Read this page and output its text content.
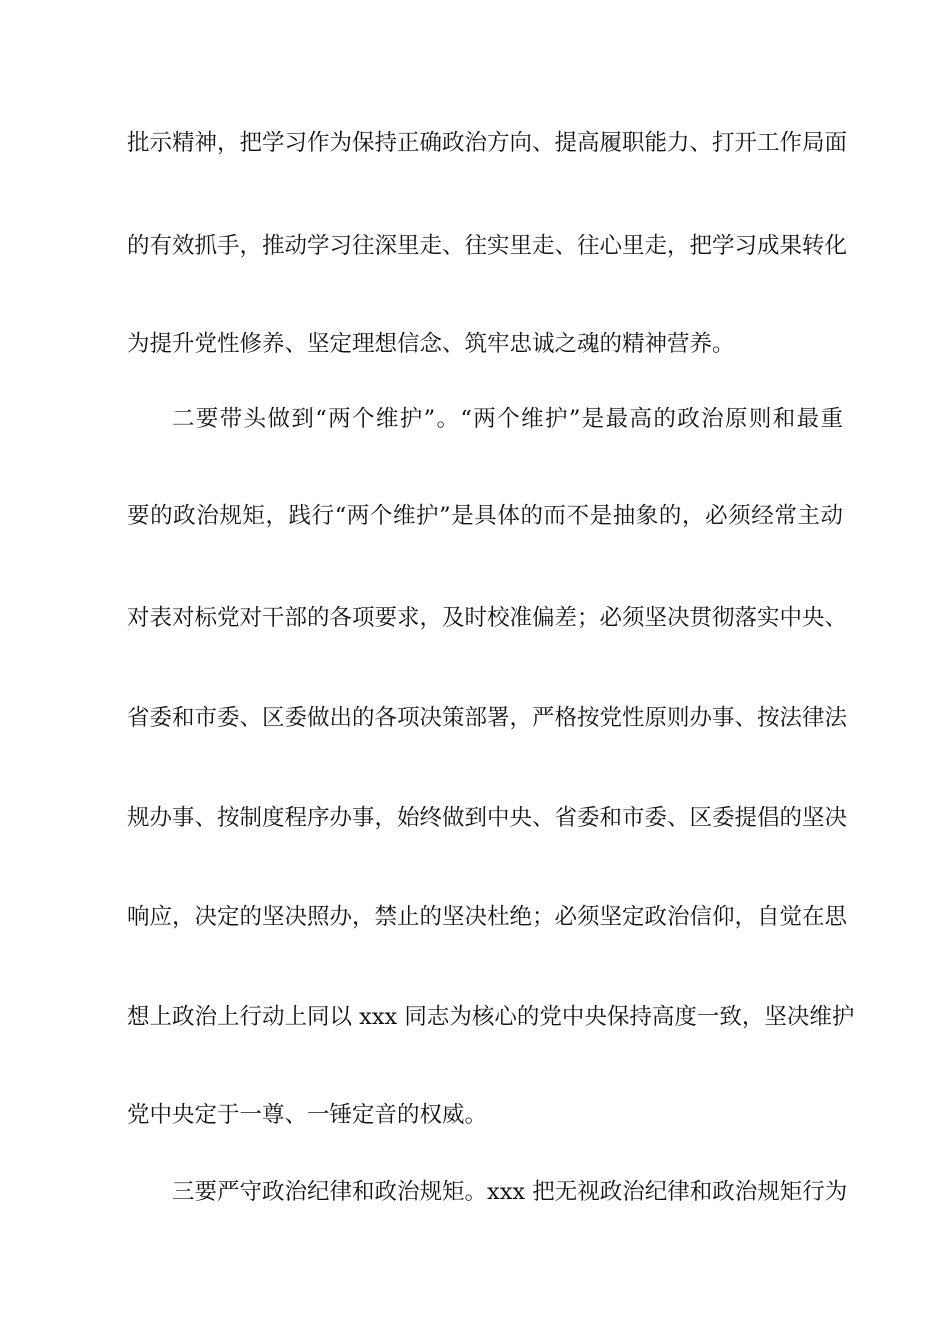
批示精神，把学习作为保持正确政治方向、提高履职能力、打开工作局面
的有效抓手，推动学习往深里走、往实里走、往心里走，把学习成果转化
为提升党性修养、坚定理想信念、筑牢忠诚之魂的精神营养。
二要带头做到“两个维护”。“两个维护”是最高的政治原则和最重
要的政治规矩，践行“两个维护”是具体的而不是抽象的，必须经常主动
对表对标党对干部的各项要求，及时校准偏差；必须坚决贯彻落实中央、
省委和市委、区委做出的各项决策部署，严格按党性原则办事、按法律法
规办事、按制度程序办事，始终做到中央、省委和市委、区委提倡的坚决
响应，决定的坚决照办，禁止的坚决杜绝；必须坚定政治信仰，自觉在思
想上政治上行动上同以 xxx 同志为核心的党中央保持高度一致，坚决维护
党中央定于一尊、一锤定音的权威。
三要严守政治纪律和政治规矩。xxx 把无视政治纪律和政治规矩行为
